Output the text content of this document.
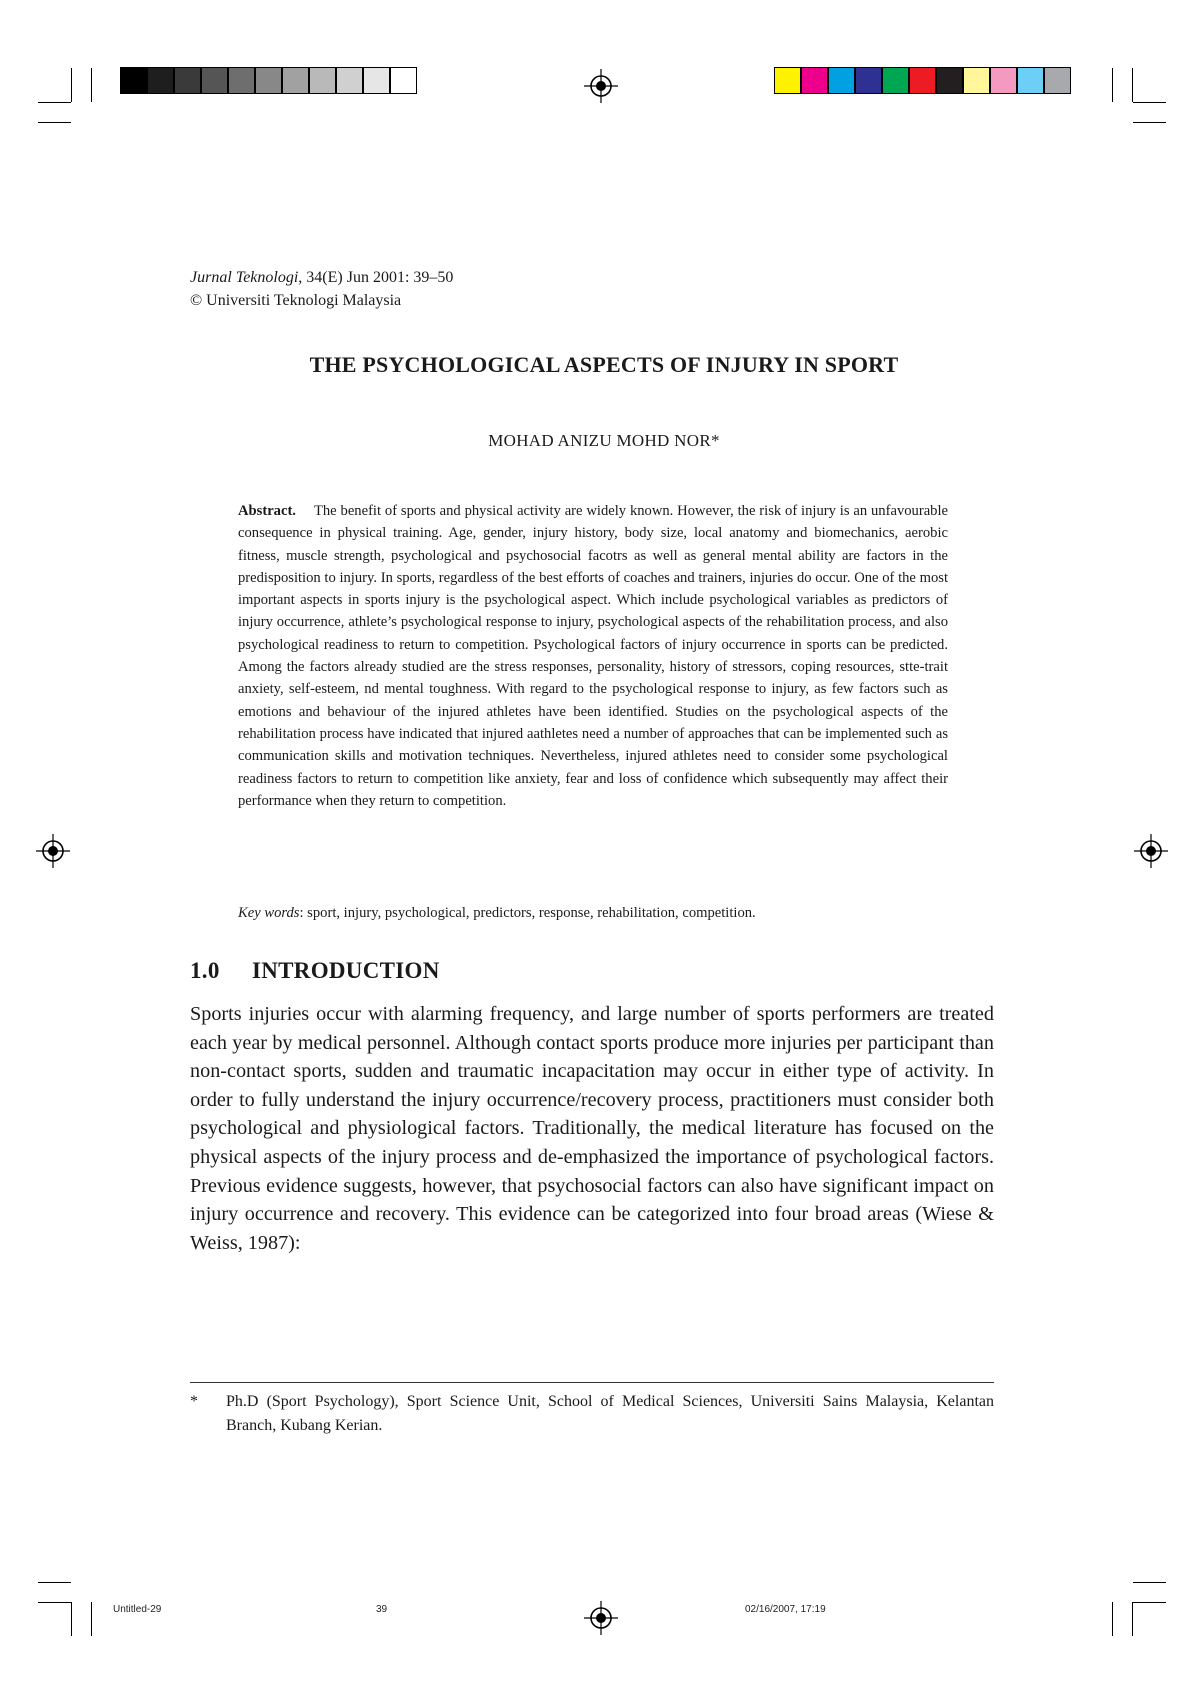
Jurnal Teknologi, 34(E) Jun 2001: 39–50
© Universiti Teknologi Malaysia
THE PSYCHOLOGICAL ASPECTS OF INJURY IN SPORT
MOHAD ANIZU MOHD NOR*

Abstract. The benefit of sports and physical activity are widely known. However, the risk of injury is an unfavourable consequence in physical training. Age, gender, injury history, body size, local anatomy and biomechanics, aerobic fitness, muscle strength, psychological and psychosocial facotrs as well as general mental ability are factors in the predisposition to injury. In sports, regardless of the best efforts of coaches and trainers, injuries do occur. One of the most important aspects in sports injury is the psychological aspect. Which include psychological variables as predictors of injury occurrence, athlete’s psychological response to injury, psychological aspects of the rehabilitation process, and also psychological readiness to return to competition. Psychological factors of injury occurrence in sports can be predicted. Among the factors already studied are the stress responses, personality, history of stressors, coping resources, stte-trait anxiety, self-esteem, nd mental toughness. With regard to the psychological response to injury, as few factors such as emotions and behaviour of the injured athletes have been identified. Studies on the psychological aspects of the rehabilitation process have indicated that injured aathletes need a number of approaches that can be implemented such as communication skills and motivation techniques. Nevertheless, injured athletes need to consider some psychological readiness factors to return to competition like anxiety, fear and loss of confidence which subsequently may affect their performance when they return to competition.

Key words: sport, injury, psychological, predictors, response, rehabilitation, competition.
1.0 INTRODUCTION

Sports injuries occur with alarming frequency, and large number of sports performers are treated each year by medical personnel. Although contact sports produce more injuries per participant than non-contact sports, sudden and traumatic incapacitation may occur in either type of activity. In order to fully understand the injury occurrence/recovery process, practitioners must consider both psychological and physiological factors. Traditionally, the medical literature has focused on the physical aspects of the injury process and de-emphasized the importance of psychological factors. Previous evidence suggests, however, that psychosocial factors can also have significant impact on injury occurrence and recovery. This evidence can be categorized into four broad areas (Wiese & Weiss, 1987):

*	Ph.D (Sport Psychology), Sport Science Unit, School of Medical Sciences, Universiti Sains Malaysia, Kelantan Branch, Kubang Kerian.
Untitled-29	39	02/16/2007, 17:19
